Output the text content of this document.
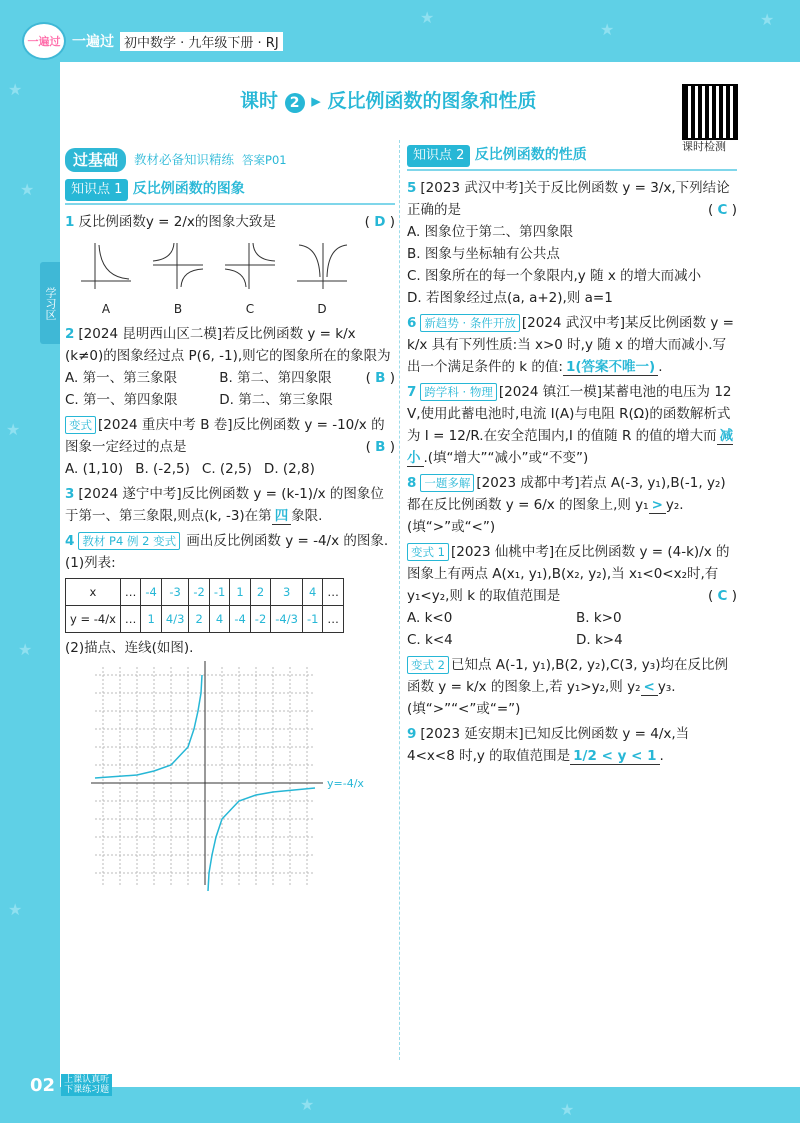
★
★
★
★
★
★
★
★
★	★
一遍过 一遍过 初中数学 · 九年级下册 · RJ
学习区
课时 2 ▸ 反比例函数的图象和性质
课时检测
过基础	教材必备知识精练 答案P01
知识点 1 反比例函数的图象
1 反比例函数y = 2/x的图象大致是	( D )
A	B	C	D
2 [2024 昆明西山区二模]若反比例函数 y = k/x (k≠0)的图象经过点 P(6, -1),则它的图象所在的象限为
( B )
A. 第一、第三象限	B. 第二、第四象限
C. 第一、第四象限	D. 第二、第三象限
变式 [2024 重庆中考 B 卷]反比例函数 y = -10/x 的图象一定经过的点是	( B )
A. (1,10) B. (-2,5) C. (2,5) D. (2,8)
3 [2024 遂宁中考]反比例函数 y = (k-1)/x 的图象位于第一、第三象限,则点(k, -3)在第 四 象限.
4 教材 P4 例 2 变式 画出反比例函数 y = -4/x 的图象.
(1)列表:
x	…	-4	-3	-2	-1	1	2	3	4	…
y = -4/x	…	1	4/3	2	4	-4	-2	-4/3	-1	…
(2)描点、连线(如图).
y=-4/x
知识点 2 反比例函数的性质
5 [2023 武汉中考]关于反比例函数 y = 3/x,下列结论正确的是	( C )
A. 图象位于第二、第四象限
B. 图象与坐标轴有公共点
C. 图象所在的每一个象限内,y 随 x 的增大而减小
D. 若图象经过点(a, a+2),则 a=1
6 新趋势 · 条件开放 [2024 武汉中考]某反比例函数 y = k/x 具有下列性质:当 x>0 时,y 随 x 的增大而减小.写出一个满足条件的 k 的值: 1(答案不唯一) .
7 跨学科 · 物理 [2024 镇江一模]某蓄电池的电压为 12 V,使用此蓄电池时,电流 I(A)与电阻 R(Ω)的函数解析式为 I = 12/R.在安全范围内,I 的值随 R 的值的增大而 减小 .(填“增大”“减小”或“不变”)
8 一题多解 [2023 成都中考]若点 A(-3, y₁),B(-1, y₂)都在反比例函数 y = 6/x 的图象上,则 y₁ > y₂.(填“>”或“<”)
变式 1 [2023 仙桃中考]在反比例函数 y = (4-k)/x 的图象上有两点 A(x₁, y₁),B(x₂, y₂),当 x₁<0<x₂时,有 y₁<y₂,则 k 的取值范围是	( C )
A. k<0	B. k>0
C. k<4	D. k>4
变式 2 已知点 A(-1, y₁),B(2, y₂),C(3, y₃)均在反比例函数 y = k/x 的图象上,若 y₁>y₂,则 y₂ < y₃.(填“>”“<”或“=”)
9 [2023 延安期末]已知反比例函数 y = 4/x,当 4<x<8 时,y 的取值范围是 1/2 < y < 1 .
02	上课认真听
下课练习题
